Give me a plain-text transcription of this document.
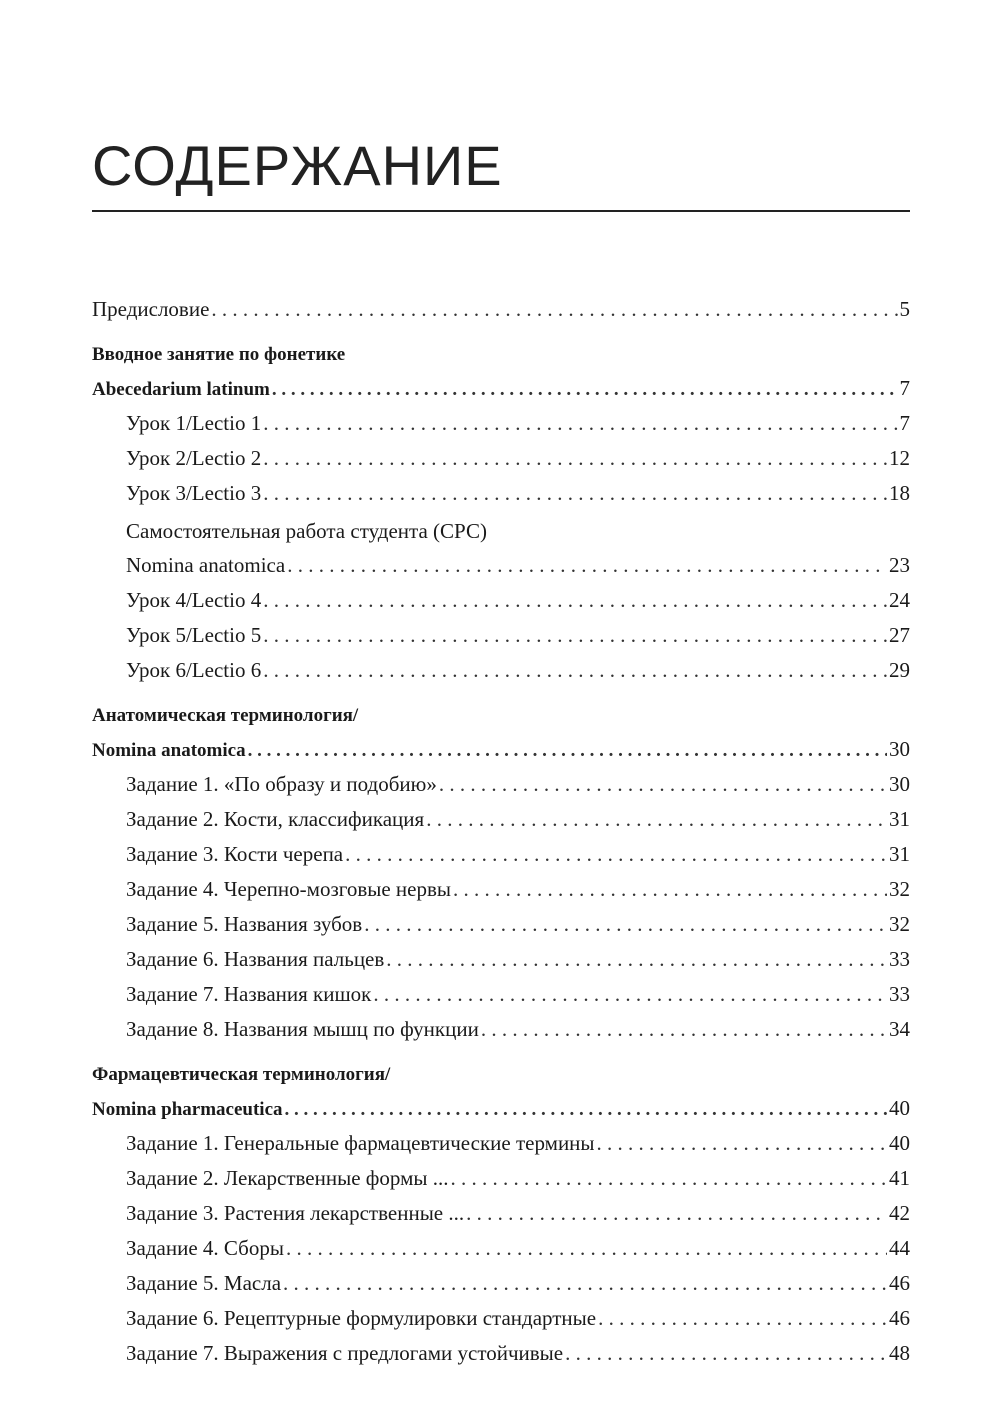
СОДЕРЖАНИЕ
Предисловие . . .	5
Вводное занятие по фонетике
Abecedarium latinum . . .	7
Урок 1/Lectio 1 . . .	7
Урок 2/Lectio 2 . . .	12
Урок 3/Lectio 3 . . .	18
Самостоятельная работа студента (СРС)
Nomina anatomica . . .	23
Урок 4/Lectio 4 . . .	24
Урок 5/Lectio 5 . . .	27
Урок 6/Lectio 6 . . .	29
Анатомическая терминология/
Nomina anatomica . . .	30
Задание 1. «По образу и подобию» . . .	30
Задание 2. Кости, классификация . . .	31
Задание 3. Кости черепа . . .	31
Задание 4. Черепно-мозговые нервы . . .	32
Задание 5. Названия зубов . . .	32
Задание 6. Названия пальцев . . .	33
Задание 7. Названия кишок . . .	33
Задание 8. Названия мышц по функции . . .	34
Фармацевтическая терминология/
Nomina pharmaceutica . . .	40
Задание 1. Генеральные фармацевтические термины . . .	40
Задание 2. Лекарственные формы ... . . .	41
Задание 3. Растения лекарственные ... . . .	42
Задание 4. Сборы . . .	44
Задание 5. Масла . . .	46
Задание 6. Рецептурные формулировки стандартные . . .	46
Задание 7. Выражения с предлогами устойчивые . . .	48
